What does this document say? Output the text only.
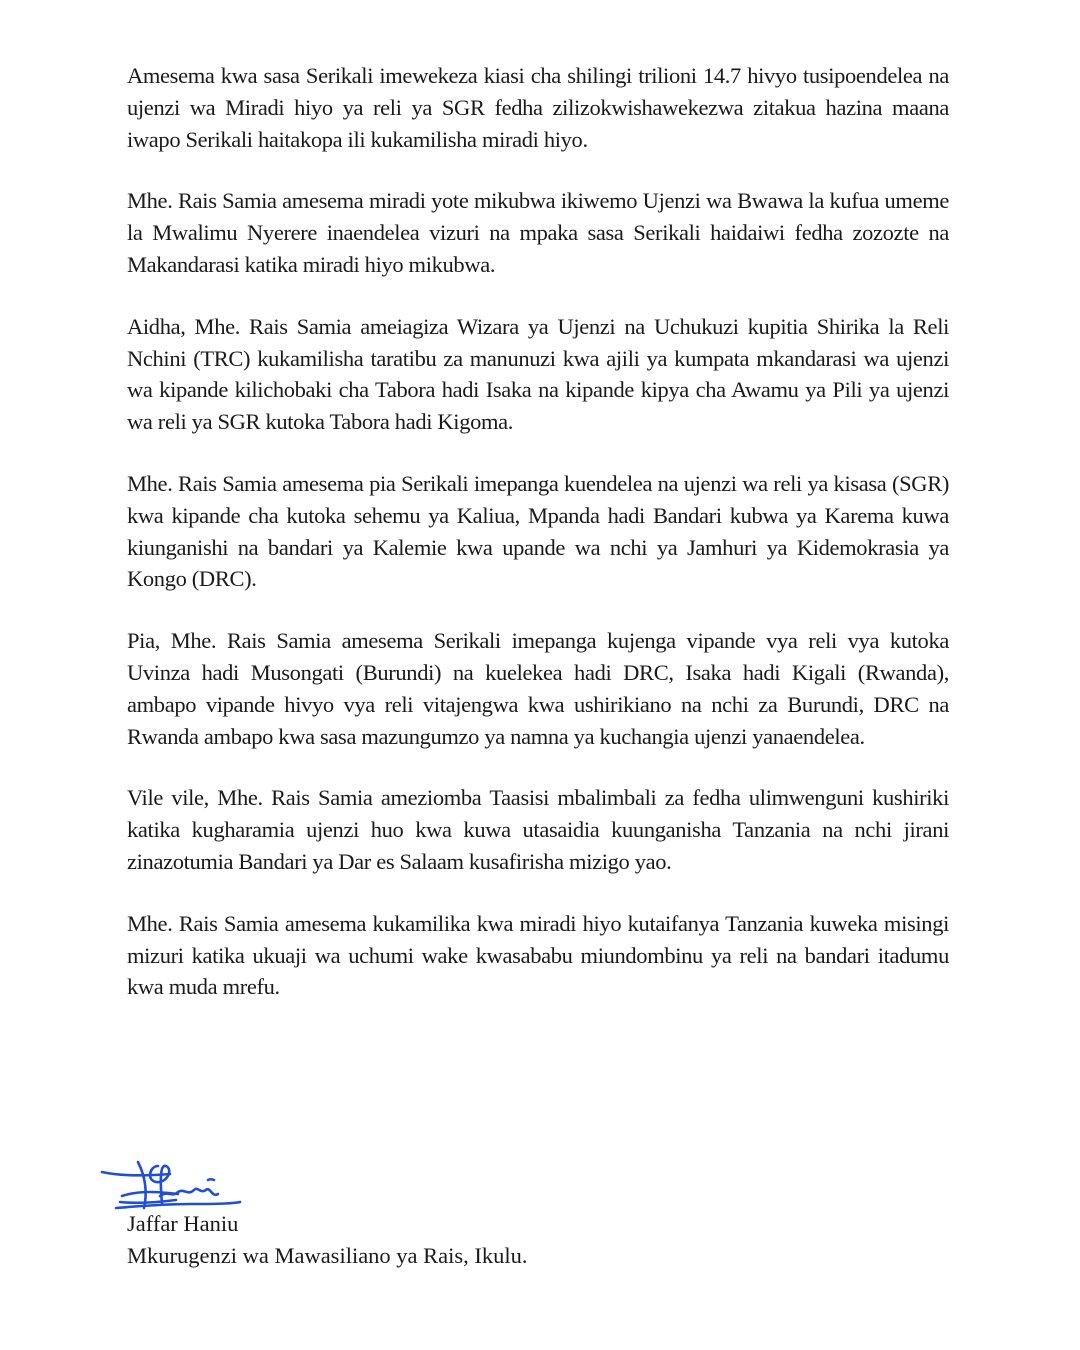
Amesema kwa sasa Serikali imewekeza kiasi cha shilingi trilioni 14.7 hivyo tusipoendelea na ujenzi wa Miradi hiyo ya reli ya SGR fedha zilizokwishawekezwa zitakua hazina maana iwapo Serikali haitakopa ili kukamilisha miradi hiyo.

Mhe. Rais Samia amesema miradi yote mikubwa ikiwemo Ujenzi wa Bwawa la kufua umeme la Mwalimu Nyerere inaendelea vizuri na mpaka sasa Serikali haidaiwi fedha zozozte na Makandarasi katika miradi hiyo mikubwa.

Aidha, Mhe. Rais Samia ameiagiza Wizara ya Ujenzi na Uchukuzi kupitia Shirika la Reli Nchini (TRC) kukamilisha taratibu za manunuzi kwa ajili ya kumpata mkandarasi wa ujenzi wa kipande kilichobaki cha Tabora hadi Isaka na kipande kipya cha Awamu ya Pili ya ujenzi wa reli ya SGR kutoka Tabora hadi Kigoma.

Mhe. Rais Samia amesema pia Serikali imepanga kuendelea na ujenzi wa reli ya kisasa (SGR) kwa kipande cha kutoka sehemu ya Kaliua, Mpanda hadi Bandari kubwa ya Karema kuwa kiunganishi na bandari ya Kalemie kwa upande wa nchi ya Jamhuri ya Kidemokrasia ya Kongo (DRC).

Pia, Mhe. Rais Samia amesema Serikali imepanga kujenga vipande vya reli vya kutoka Uvinza hadi Musongati (Burundi) na kuelekea hadi DRC, Isaka hadi Kigali (Rwanda), ambapo vipande hivyo vya reli vitajengwa kwa ushirikiano na nchi za Burundi, DRC na Rwanda ambapo kwa sasa mazungumzo ya namna ya kuchangia ujenzi yanaendelea.

Vile vile, Mhe. Rais Samia ameziomba Taasisi mbalimbali za fedha ulimwenguni kushiriki katika kugharamia ujenzi huo kwa kuwa utasaidia kuunganisha Tanzania na nchi jirani zinazotumia Bandari ya Dar es Salaam kusafirisha mizigo yao.

Mhe. Rais Samia amesema kukamilika kwa miradi hiyo kutaifanya Tanzania kuweka misingi mizuri katika ukuaji wa uchumi wake kwasababu miundombinu ya reli na bandari itadumu kwa muda mrefu.

Jaffar Haniu
Mkurugenzi wa Mawasiliano ya Rais, Ikulu.
